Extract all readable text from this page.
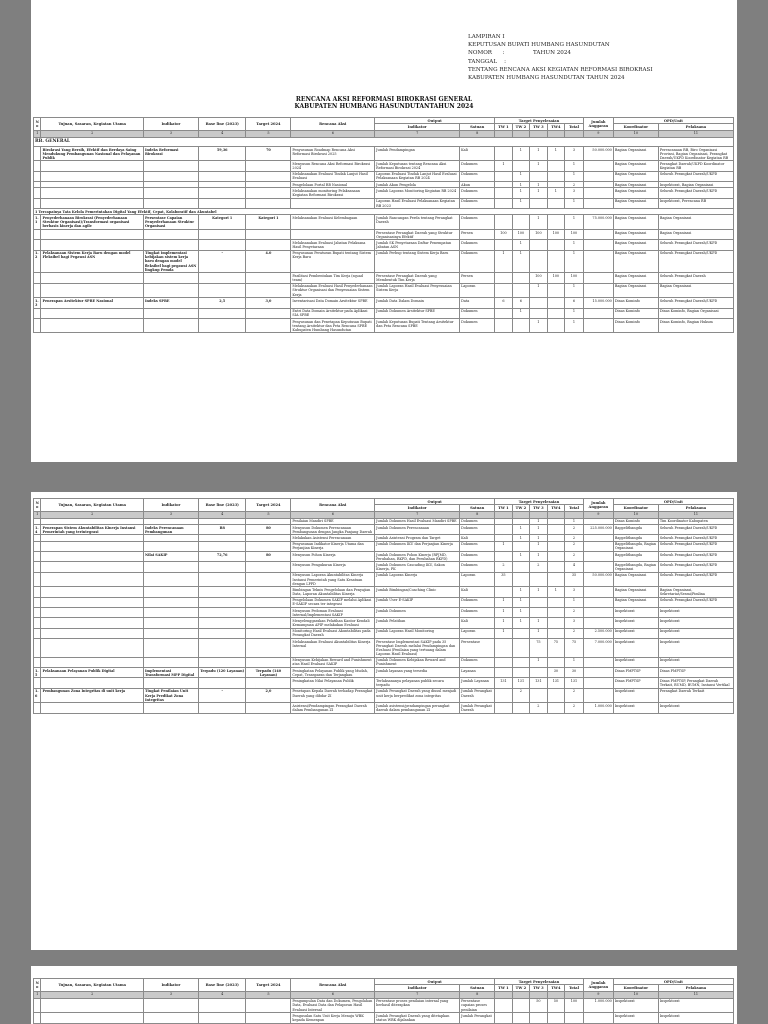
LAMPIRAN I
KEPUTUSAN BUPATI HUMBANG HASUNDUTAN
NOMOR      :                TAHUN 2024
TANGGAL    :
TENTANG RENCANA AKSI KEGIATAN REFORMASI BIROKRASI
KABUPATEN HUMBANG HASUNDUTAN TAHUN 2024
RENCANA AKSI REFORMASI BIROKRASI GENERAL
KABUPATEN HUMBANG HASUNDUTANTAHUN 2024
No	Tujuan, Sasaran, Kegiatan Utama	Indikator	Base line (2023)	Target 2024	Rencana Aksi	Output		Target Penyelesaian					Jumlah Anggaran	OPD/Unit	
						Indikator	Satuan	TW 1	TW 2	TW 3	TW4	Total		Koordinator	Pelaksana
1	2	3	4	5	6	7	8						9	10	11
RB. GENERAL															
	Birokrasi Yang Bersih, Efektif dan Berdaya Saing Mendukung Pembangunan Nasional dan Pelayanan Publik	Indeks Reformasi Birokrasi	59,36	70	Penyusunan Roadmap Rencana Aksi Reformasi Birokrasi 2025	Jumlah Pendampingan	Kali		1	1	1	3	50.000.000	Bagian Organisasi	Perencanaan RB, Biro Organisasi Provinsi, Bagian Organisasi, Perangkat Daerah/UKPD Koordinator Kegiatan RB
					Menyusun Rencana Aksi Reformasi Birokrasi 2024	Jumlah Keputusan tentang Rencana Aksi Reformasi Birokrasi 2024	Dokumen	1		1		1		Bagian Organisasi	Perangkat Daerah/UKPD Koordinator Kegiatan RB
					Melaksanakan Evaluasi Tindak Lanjut Hasil Evaluasi	Laporan Evaluasi Tindak Lanjut Hasil Evaluasi Pelaksanaan Kegiatan RB 2024	Dokumen		1			1		Bagian Organisasi	Seluruh Perangkat Daerah/UKPD
					Pengelolaan Portal RB Nasional	Jumlah Akun Pengelola	Akun		1	1		2		Bagian Organisasi	Inspektorat, Bagian Organisasi
					Melaksanakan monitoring Pelaksanaan Kegiatan Reformasi Birokrasi	Jumlah Laporan Monitoring Kegiatan RB 2024	Dokumen		1	1	1	3		Bagian Organisasi	Seluruh Perangkat Daerah/UKPD
						Laporan Hasil Evaluasi Pelaksanaan Kegiatan RB 2023	Dokumen		1			1		Bagian Organisasi	Inspektorat, Perencana RB
1 Tercapainya Tata Kelola Pemerintahan Digital Yang Efektif, Cepat, Kolaboratif dan Akuntabel															
1.1	Penyederhanaan Birokrasi (Penyederhanaan Struktur Organisasi)/Transformasi organisasi berbasis kinerja dan agile	Persentase Capaian Penyederhanaan Struktur Organisasi	Kategori 1	Kategori 1	Melaksanakan Evaluasi Kelembagaan	Jumlah Rancangan Perda tentang Perangkat Daerah	Dokumen			1		1	75.000.000	Bagian Organisasi	Bagian Organisasi
						Persentase Perangkat Daerah yang Struktur Organisasinya Efektif	Persen	100	100	100	100	100		Bagian Organisasi	Bagian Organisasi
					Melaksanakan Evaluasi Jabatan Pelaksana Hasil Penyetaraan	Jumlah SK Penyetaraan Daftar Penempatan Jabatan ASN	Dokumen		1			1		Bagian Organisasi	Seluruh Perangkat Daerah/UKPD
1.2	Pelaksanaan Sistem Kerja Baru dengan model Fleksibel bagi Pegawai ASN	Tingkat implementasi kebijakan sistem kerja baru dengan model fleksibel bagi pegawai ASN lingkup Pemda	-	4.0	Penyusunan Peraturan Bupati tentang Sistem Kerja Baru	Jumlah Perbup tentang Sistem Kerja Baru	Dokumen	1	1			1		Bagian Organisasi	Seluruh Perangkat Daerah/UKPD
					Fasilitasi Pembentukan Tim Kerja (squad team)	Persentase Perangkat Daerah yang Membentuk Tim Kerja	Persen			100	100	100		Bagian Organisasi	Seluruh Perangkat Daerah
					Melaksanakan Evaluasi Hasil Penyederhanaan Struktur Organisasi dan Penyesuaian Sistem Kerja	Jumlah Laporan Hasil Evaluasi Penyesuaian Sistem Kerja	Laporan			1		1		Bagian Organisasi	Bagian Organisasi
1.3	Penerapan Arsitektur SPBE Nasional	Indeks SPBE	2,5	3,0	Inventarisasi Data Domain Arsitektur SPBE	Jumlah Data Dalam Domain	Data	6	6			6	15.000.000	Dinas Kominfo	Seluruh Perangkat Daerah/UKPD
					Entri Data Domain Arsitektur pada Aplikasi SIA SPBE	Jumlah Dokumen Arsitektur SPBE	Dokumen		1			1		Dinas Kominfo	Dinas Kominfo, Bagian Organisasi
					Penyusunan dan Penetapan Keputusan Bupati tentang Arsitektur dan Peta Rencana SPBE Kabupaten Humbang Hasundutan	Jumlah Keputusan Bupati Tentang Arsitektur dan Peta Rencana SPBE	Dokumen			1		1		Dinas Kominfo	Dinas Kominfo, Bagian Hukum
No	Tujuan, Sasaran, Kegiatan Utama	Indikator	Base line (2023)	Target 2024	Rencana Aksi	Output		Target Penyelesaian					Jumlah Anggaran	OPD/Unit	
						Indikator	Satuan	TW 1	TW 2	TW 3	TW4	Total		Koordinator	Pelaksana
1	2	3	4	5	6	7	8						9	10	11
					Penilaian Mandiri SPBE	Jumlah Dokumen Hasil Evaluasi Mandiri SPBE	Dokumen			1		1		Dinas Kominfo	Tim Koordinator Kabupaten
1.4	Penerapan Sistem Akuntabilitas Kinerja Instansi Pemerintah yang terintegrasi	Indeks Perencanaan Pembangunan	B8	80	Menyusun Dokumen Perencanaan Pembangunan dengan Jangka Panjang Daerah	Jumlah Dokumen Perencanaan	Dokumen		1	1		2	225.000.000	Bappelitbangda	Seluruh Perangkat Daerah/UKPD
					Melakukan Asistensi Perencanaan	Jumlah Asistensi Program dan Target	Kali		1	1		2		Bappelitbangda	Seluruh Perangkat Daerah/UKPD
					Penyusunan Indikator Kinerja Utama dan Perjanjian Kinerja	Jumlah Dokumen IKU dan Perjanjian Kinerja	Dokumen	1		1		2		Bappelitbangda, Bagian Organisasi	Seluruh Perangkat Daerah/UKPD
		Nilai SAKIP	72,76	80	Menyusun Pohon Kinerja	Jumlah Dokumen Pohon Kinerja (RPJMD, Perubahan, RKPD, dan Perubahan RKPD)	Dokumen		1	1		2		Bappelitbangda	Seluruh Perangkat Daerah/UKPD
					Menyusun Pengukuran Kinerja	Jumlah Dokumen Cascading IKU, Sakon Kinerja, PK	Dokumen	2		2		4		Bappelitbangda, Bagian Organisasi	Seluruh Perangkat Daerah/UKPD
					Menyusun Laporan Akuntabilitas Kinerja Instansi Pemerintah yang Satu Kesatuan dengan LPPD	Jumlah Laporan Kinerja	Laporan	35				35	50.000.000	Bagian Organisasi	Seluruh Perangkat Daerah/UKPD
					Bimbingan Teknis Pengelolaan dan Penyajian Data, Laporan Akuntabilitas Kinerja	Jumlah Bimbingan/Coaching Clinic	Kali		1	1	1	3		Bagian Organisasi	Bagian Organisasi, Sekretariat/Sesmi/Pimlina
					Pengelolaan Dokumen SAKIP melalui Aplikasi E-SAKIP secara ter integrasi	Jumlah User E-SAKIP	Dokumen	1	1			1		Bagian Organisasi	Seluruh Perangkat Daerah/UKPD
					Menyusun Pedoman Evaluasi Internal/Implementasi SAKIP	Jumlah Dokumen	Dokumen	1	1			2		Inspektorat	Inspektorat
					Menyelenggarakan Pelatihan Kantor Kendali Kemampuan APIP melakukan Evaluasi	Jumlah Pelatihan	Kali	1	1	1		3		Inspektorat	Inspektorat
					Monitoring Hasil Evaluasi Akuntabilitas pada Perangkat Daerah	Jumlah Laporan Hasil Monitoring	Laporan	1		1		2	2.500.000	Inspektorat	Inspektorat
					Melaksanakan Evaluasi Akuntabilitas Kinerja Internal	Persentase Implementasi SAKIP pada 35 Perangkat Daerah melalui Pendampingan dan Evaluasi (Penilaian yang tertuang dalam Laporan Hasil Evaluasi)	Persentase			75	75	75	7.000.000	Inspektorat	Inspektorat
					Menyusun Kebijakan Reward and Punishment atas Hasil Evaluasi SAKIP	Jumlah Dokumen Kebijakan Reward and Punishment	Dokumen			1		1		Inspektorat	Inspektorat
1.5	Pelaksanaan Pelayanan Publik Digital	Implementasi Transformasi MPP Digital	Terpadu (120 Layanan)	Terpadu (140 Layanan)	Peningkatan Pelayanan Publik yang Mudah, Cepat, Transparan dan Terjangkau	Jumlah layanan yang tersedia	Layanan				30	30		Dinas PMPTSP	Dinas PMPTSP
					Peningkatan Nilai Pelayanan Publik	Terlaksananya pelayanan publik secara terpadu	Jumlah Layanan	131	131	131	131	131		Dinas PMPTSP	Dinas PMPTSP, Perangkat Daerah Terkait, BUMD, BUMN, Instansi Vertikal
1.6	Pembangunan Zona Integritas di unit kerja	Tingkat Penilaian Unit Kerja Predikat Zona Integritas	-	2,0	Penetapan Kepala Daerah terhadap Perangkat Daerah yang dibdar ZI	Jumlah Perangkat Daerah yang diusul menjadi unit kerja berpredikat zona integritas	Jumlah Perangkat Daerah		2			2		Inspektorat	Perangkat Daerah Terkait
					Asistensi/Pendampingan Perangkat Daerah dalam Pembangunan ZI	Jumlah asistensi/pendampingan perangkat daerah dalam pembangunan ZI	Jumlah Perangkat Daerah			2		2	1.000.000	Inspektorat	Inspektorat
No	Tujuan, Sasaran, Kegiatan Utama	Indikator	Base line (2023)	Target 2024	Rencana Aksi	Output		Target Penyelesaian					Jumlah Anggaran	OPD/Unit	
						Indikator	Satuan	TW 1	TW 2	TW 3	TW4	Total		Koordinator	Pelaksana
1	2	3	4	5	6	7	8						9	10	11
					Pengumpulan Data dan Dokumen, Pengolahan Data, Evaluasi Data dan Pelaporan Hasil Evaluasi Internal	Persentase proses penilaian internal yang berhasil diterapkan	Persentase capaian proses penilaian			50	50	100	1.000.000	Inspektorat	Inspektorat
					Pengusulan Satu Unit Kerja Menuju WBK kepada Kemenpan	Jumlah Perangkat Daerah yang ditetapkan status WBK dijalankan	Jumlah Perangkat							Inspektorat	Inspektorat
